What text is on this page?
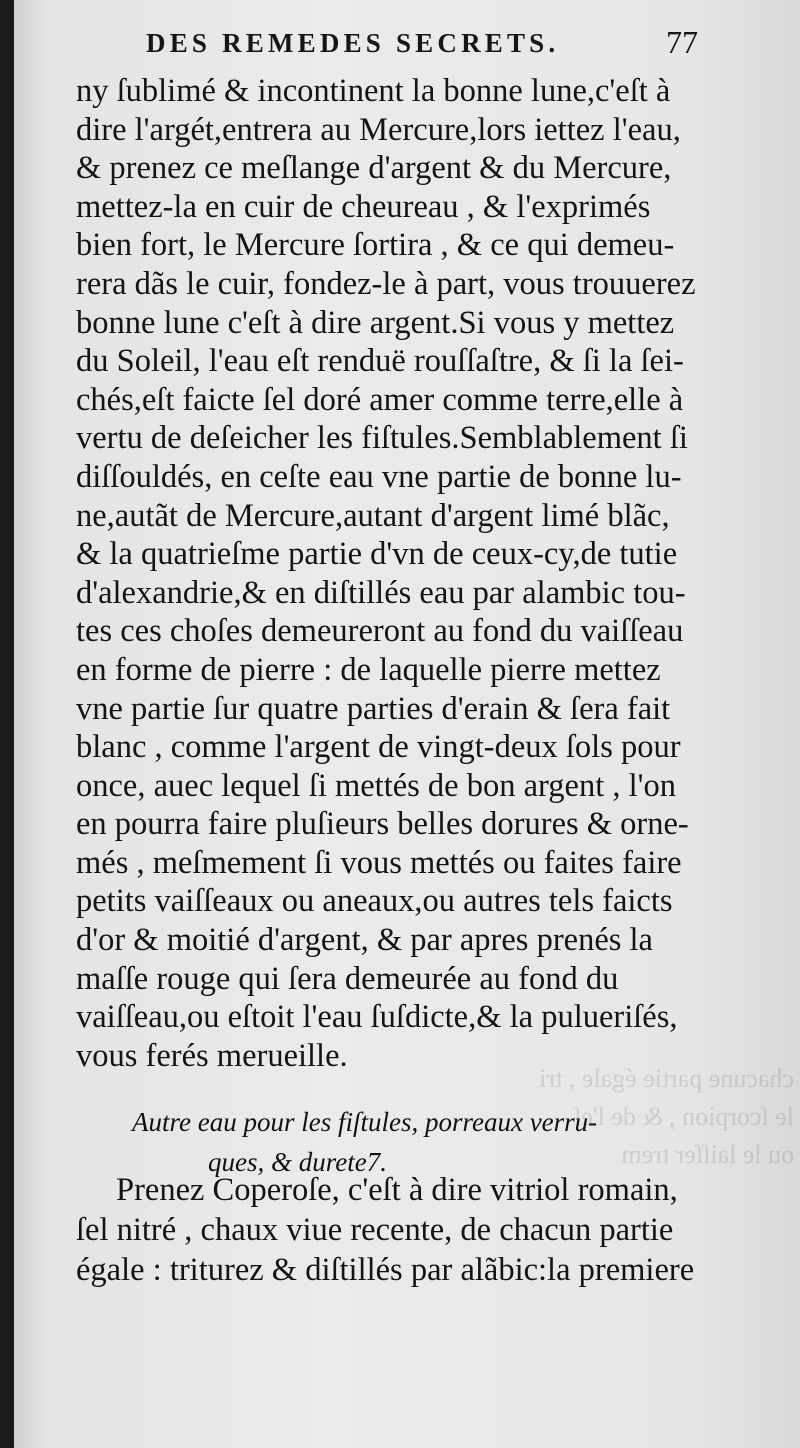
chacune partie égale , tri
le ſcorpion , & de l'eſ
ou le laiſſer trem
DES REMEDES SECRETS.	77
ny ſublimé & incontinent la bonne lune,c'eſt à
dire l'argét,entrera au Mercure,lors iettez l'eau,
& prenez ce meſlange d'argent & du Mercure,
mettez-la en cuir de cheureau , & l'exprimés
bien fort, le Mercure ſortira , & ce qui demeu-
rera dãs le cuir, fondez-le à part, vous trouuerez
bonne lune c'eſt à dire argent.Si vous y mettez
du Soleil, l'eau eſt renduë rouſſaſtre, & ſi la ſei-
chés,eſt faicte ſel doré amer comme terre,elle à
vertu de deſeicher les fiſtules.Semblablement ſi
diſſouldés, en ceſte eau vne partie de bonne lu-
ne,autãt de Mercure,autant d'argent limé blãc,
& la quatrieſme partie d'vn de ceux-cy,de tutie
d'alexandrie,& en diſtillés eau par alambic tou-
tes ces choſes demeureront au fond du vaiſſeau
en forme de pierre : de laquelle pierre mettez
vne partie ſur quatre parties d'erain & ſera fait
blanc , comme l'argent de vingt-deux ſols pour
once, auec lequel ſi mettés de bon argent , l'on
en pourra faire pluſieurs belles dorures & orne-
més , meſmement ſi vous mettés ou faites faire
petits vaiſſeaux ou aneaux,ou autres tels faicts
d'or & moitié d'argent, & par apres prenés la
maſſe rouge qui ſera demeurée au fond du
vaiſſeau,ou eſtoit l'eau ſuſdicte,& la pulueriſés,
vous ferés merueille.
Autre eau pour les fiſtules, porreaux verru-
ques, & durete7.
Prenez Coperoſe, c'eſt à dire vitriol romain,
ſel nitré , chaux viue recente, de chacun partie
égale : triturez & diſtillés par alãbic:la premiere
